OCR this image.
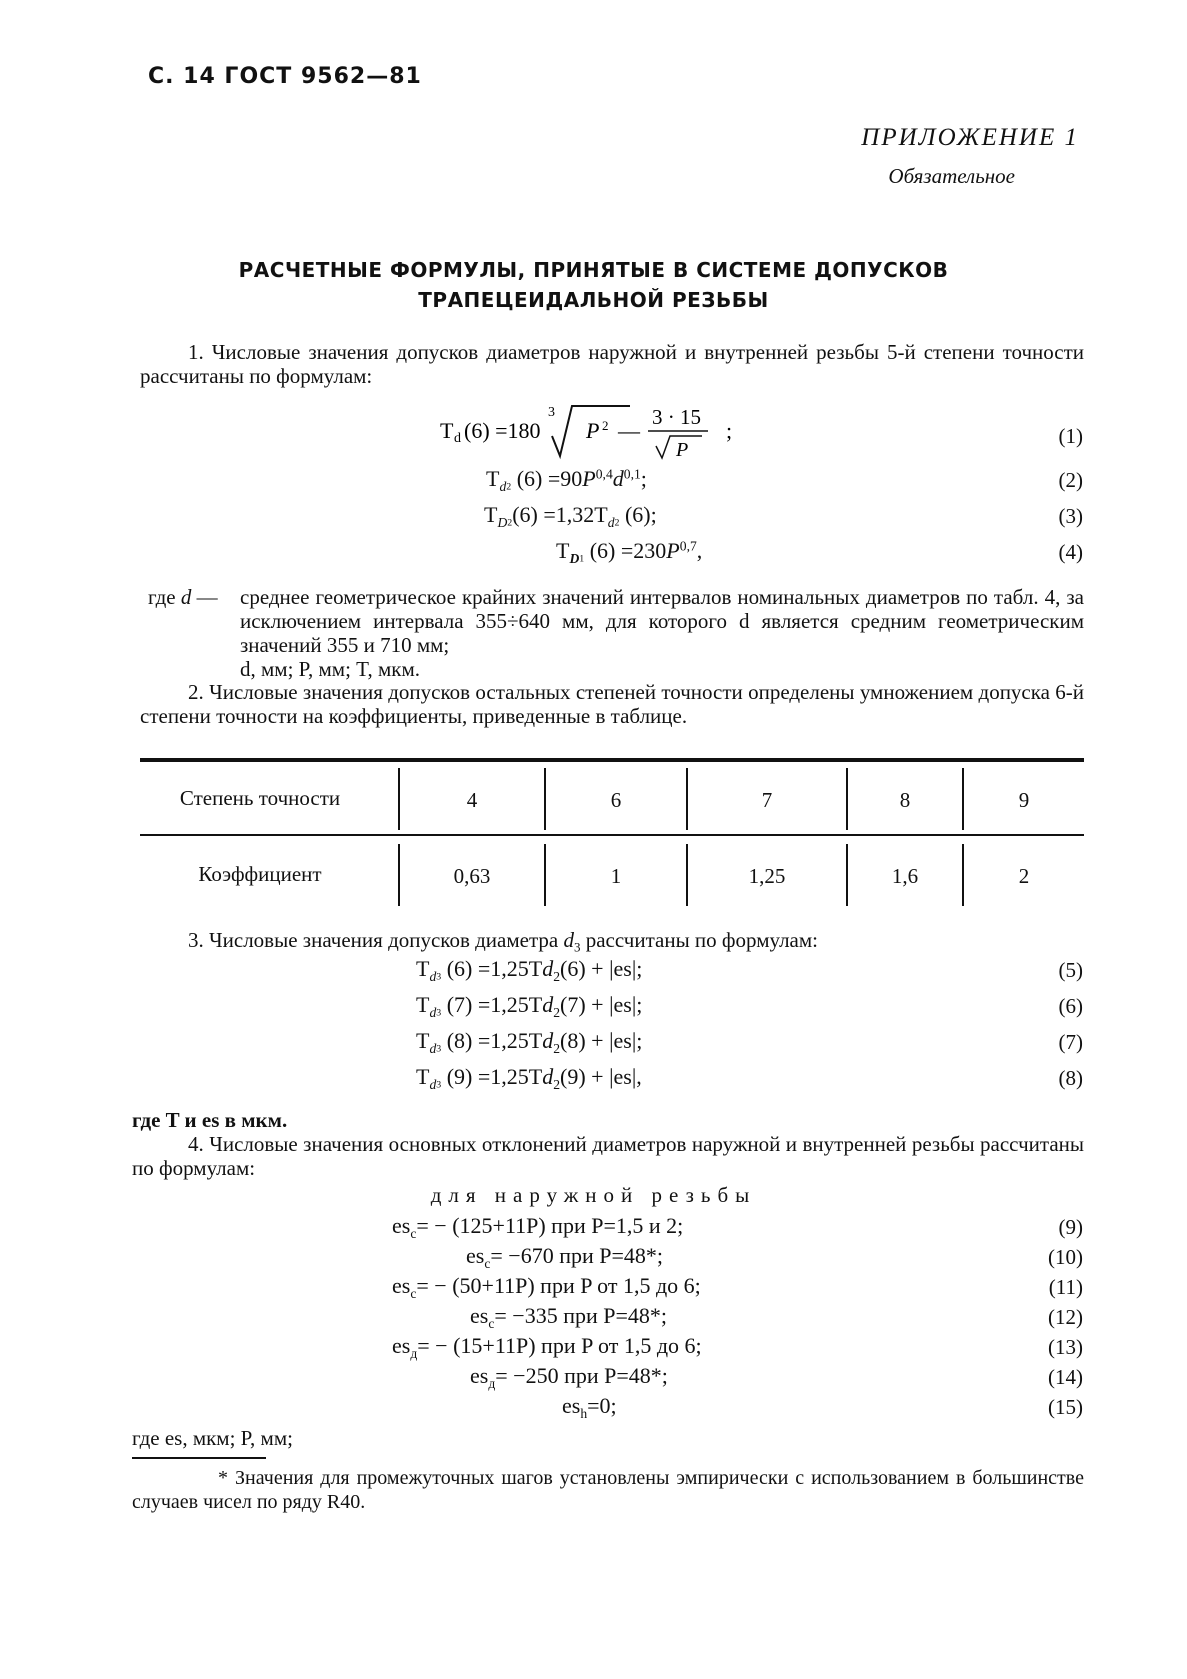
С. 14 ГОСТ 9562—81
ПРИЛОЖЕНИЕ 1
Обязательное
РАСЧЕТНЫЕ ФОРМУЛЫ, ПРИНЯТЫЕ В СИСТЕМЕ ДОПУСКОВ
ТРАПЕЦЕИДАЛЬНОЙ РЕЗЬБЫ
1. Числовые значения допусков диаметров наружной и внутренней резьбы 5-й степени точности рассчитаны по формулам:
T d (6) =180
3
P 2 —
3 · 15
P
;	(1)
$T_{d2}$ $(6) =90P^{0,4}d^{0,1}$;	(2)
$T_{D2}(6) =1,32T_{d2}$ (6);	(3)
$T_{D1}$ $(6) =230P^{0,7}$,	(4)
где d — среднее геометрическое крайних значений интервалов номинальных диаметров по табл. 4, за исключением интервала 355÷640 мм, для которого d является средним геометрическим значений 355 и 710 мм;
d, мм; P, мм; T, мкм.
2. Числовые значения допусков остальных степеней точности определены умножением допуска 6-й степени точности на коэффициенты, приведенные в таблице.
Степень точности	4	6	7	8	9
Коэффициент	0,63	1	1,25	1,6	2
3. Числовые значения допусков диаметра $d_3$ рассчитаны по формулам:
$T_{d3}$ $(6) =1,25Td_2(6) + |es|$;	(5)
$T_{d3}$ $(7) =1,25Td_2(7) + |es|$;	(6)
$T_{d3}$ $(8) =1,25Td_2(8) + |es|$;	(7)
$T_{d3}$ $(9) =1,25Td_2(9) + |es|$,	(8)
где T и es в мкм.
4. Числовые значения основных отклонений диаметров наружной и внутренней резьбы рассчитаны по формулам:
для наружной резьбы
$es_c= - (125+11P)$ при P=1,5 и 2;	(9)
$es_c= -670$ при P=48*;	(10)
$es_c= - (50+11P)$ при P от 1,5 до 6;	(11)
$es_c= -335$ при P=48*;	(12)
$es_д= - (15+11P)$ при P от 1,5 до 6;	(13)
$es_д= -250$ при P=48*;	(14)
$es_h=0$;	(15)
где es, мкм; P, мм;
* Значения для промежуточных шагов установлены эмпирически с использованием в большинстве случаев чисел по ряду R40.
